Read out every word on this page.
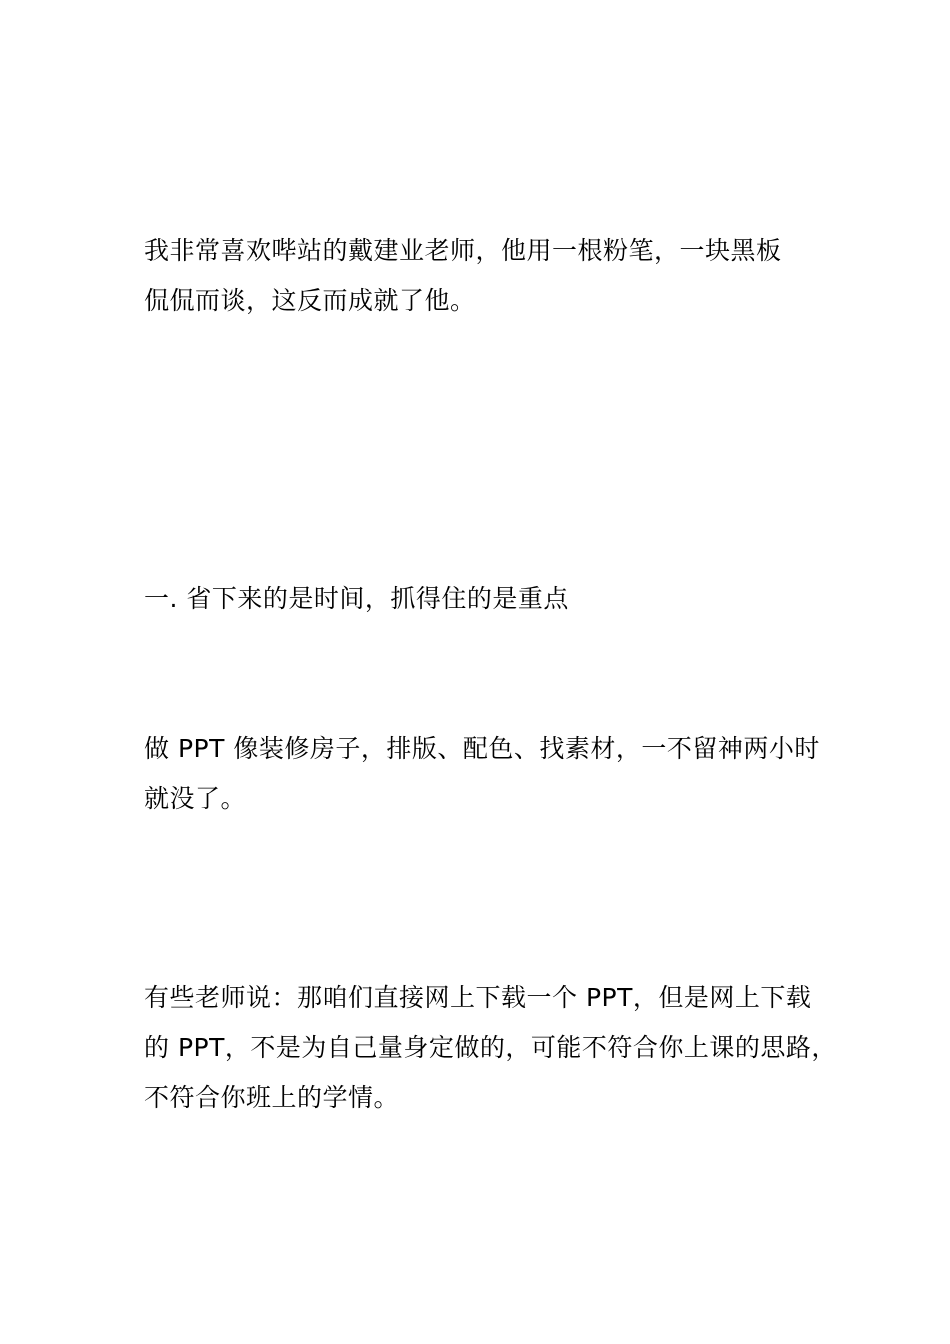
我非常喜欢哔站的戴建业老师，他用一根粉笔，一块黑板
侃侃而谈，这反而成就了他。

一. 省下来的是时间，抓得住的是重点

做 PPT 像装修房子，排版、配色、找素材，一不留神两小时
就没了。

有些老师说：那咱们直接网上下载一个 PPT，但是网上下载
的 PPT，不是为自己量身定做的，可能不符合你上课的思路，
不符合你班上的学情。
